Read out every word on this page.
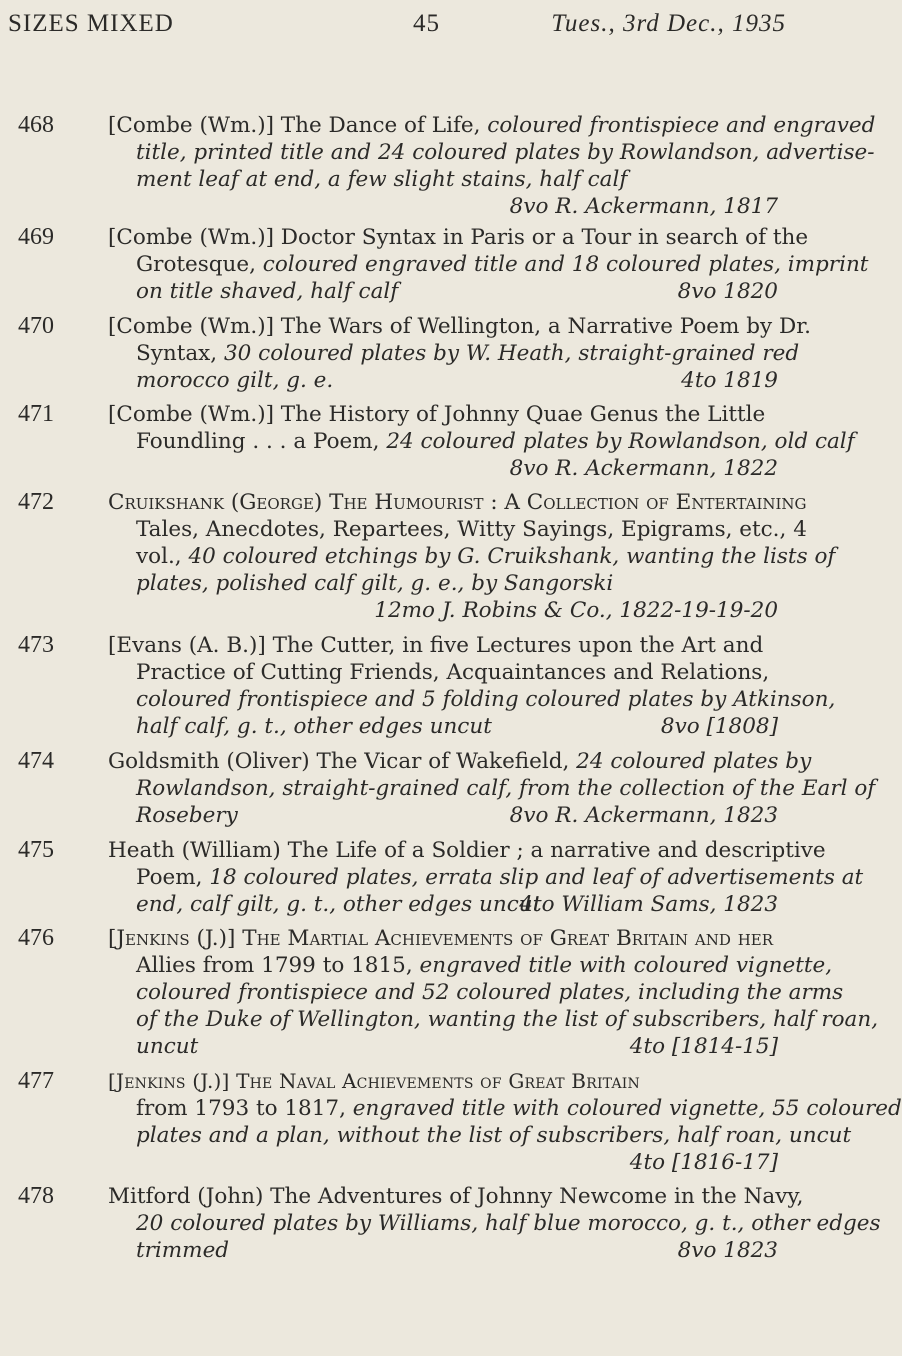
SIZES MIXED	45	Tues., 3rd Dec., 1935
468	[Combe (Wm.)] The Dance of Life, coloured frontispiece and engraved
title, printed title and 24 coloured plates by Rowlandson, advertise-
ment leaf at end, a few slight stains, half calf
8vo R. Ackermann, 1817
469	[Combe (Wm.)] Doctor Syntax in Paris or a Tour in search of the
Grotesque, coloured engraved title and 18 coloured plates, imprint
on title shaved, half calf	8vo 1820
470	[Combe (Wm.)] The Wars of Wellington, a Narrative Poem by Dr.
Syntax, 30 coloured plates by W. Heath, straight-grained red
morocco gilt, g. e.	4to 1819
471	[Combe (Wm.)] The History of Johnny Quae Genus the Little
Foundling . . . a Poem, 24 coloured plates by Rowlandson, old calf
8vo R. Ackermann, 1822
472	Cruikshank (George) The Humourist : A Collection of Entertaining
Tales, Anecdotes, Repartees, Witty Sayings, Epigrams, etc., 4
vol., 40 coloured etchings by G. Cruikshank, wanting the lists of
plates, polished calf gilt, g. e., by Sangorski
12mo J. Robins & Co., 1822-19-19-20
473	[Evans (A. B.)] The Cutter, in five Lectures upon the Art and
Practice of Cutting Friends, Acquaintances and Relations,
coloured frontispiece and 5 folding coloured plates by Atkinson,
half calf, g. t., other edges uncut	8vo [1808]
474	Goldsmith (Oliver) The Vicar of Wakefield, 24 coloured plates by
Rowlandson, straight-grained calf, from the collection of the Earl of
Rosebery	8vo R. Ackermann, 1823
475	Heath (William) The Life of a Soldier ; a narrative and descriptive
Poem, 18 coloured plates, errata slip and leaf of advertisements at
end, calf gilt, g. t., other edges uncut
4to William Sams, 1823
476	[Jenkins (J.)] The Martial Achievements of Great Britain and her
Allies from 1799 to 1815, engraved title with coloured vignette,
coloured frontispiece and 52 coloured plates, including the arms
of the Duke of Wellington, wanting the list of subscribers, half roan,
uncut	4to [1814-15]
477	[Jenkins (J.)] The Naval Achievements of Great Britain
from 1793 to 1817, engraved title with coloured vignette, 55 coloured
plates and a plan, without the list of subscribers, half roan, uncut
4to [1816-17]
478	Mitford (John) The Adventures of Johnny Newcome in the Navy,
20 coloured plates by Williams, half blue morocco, g. t., other edges
trimmed	8vo 1823
